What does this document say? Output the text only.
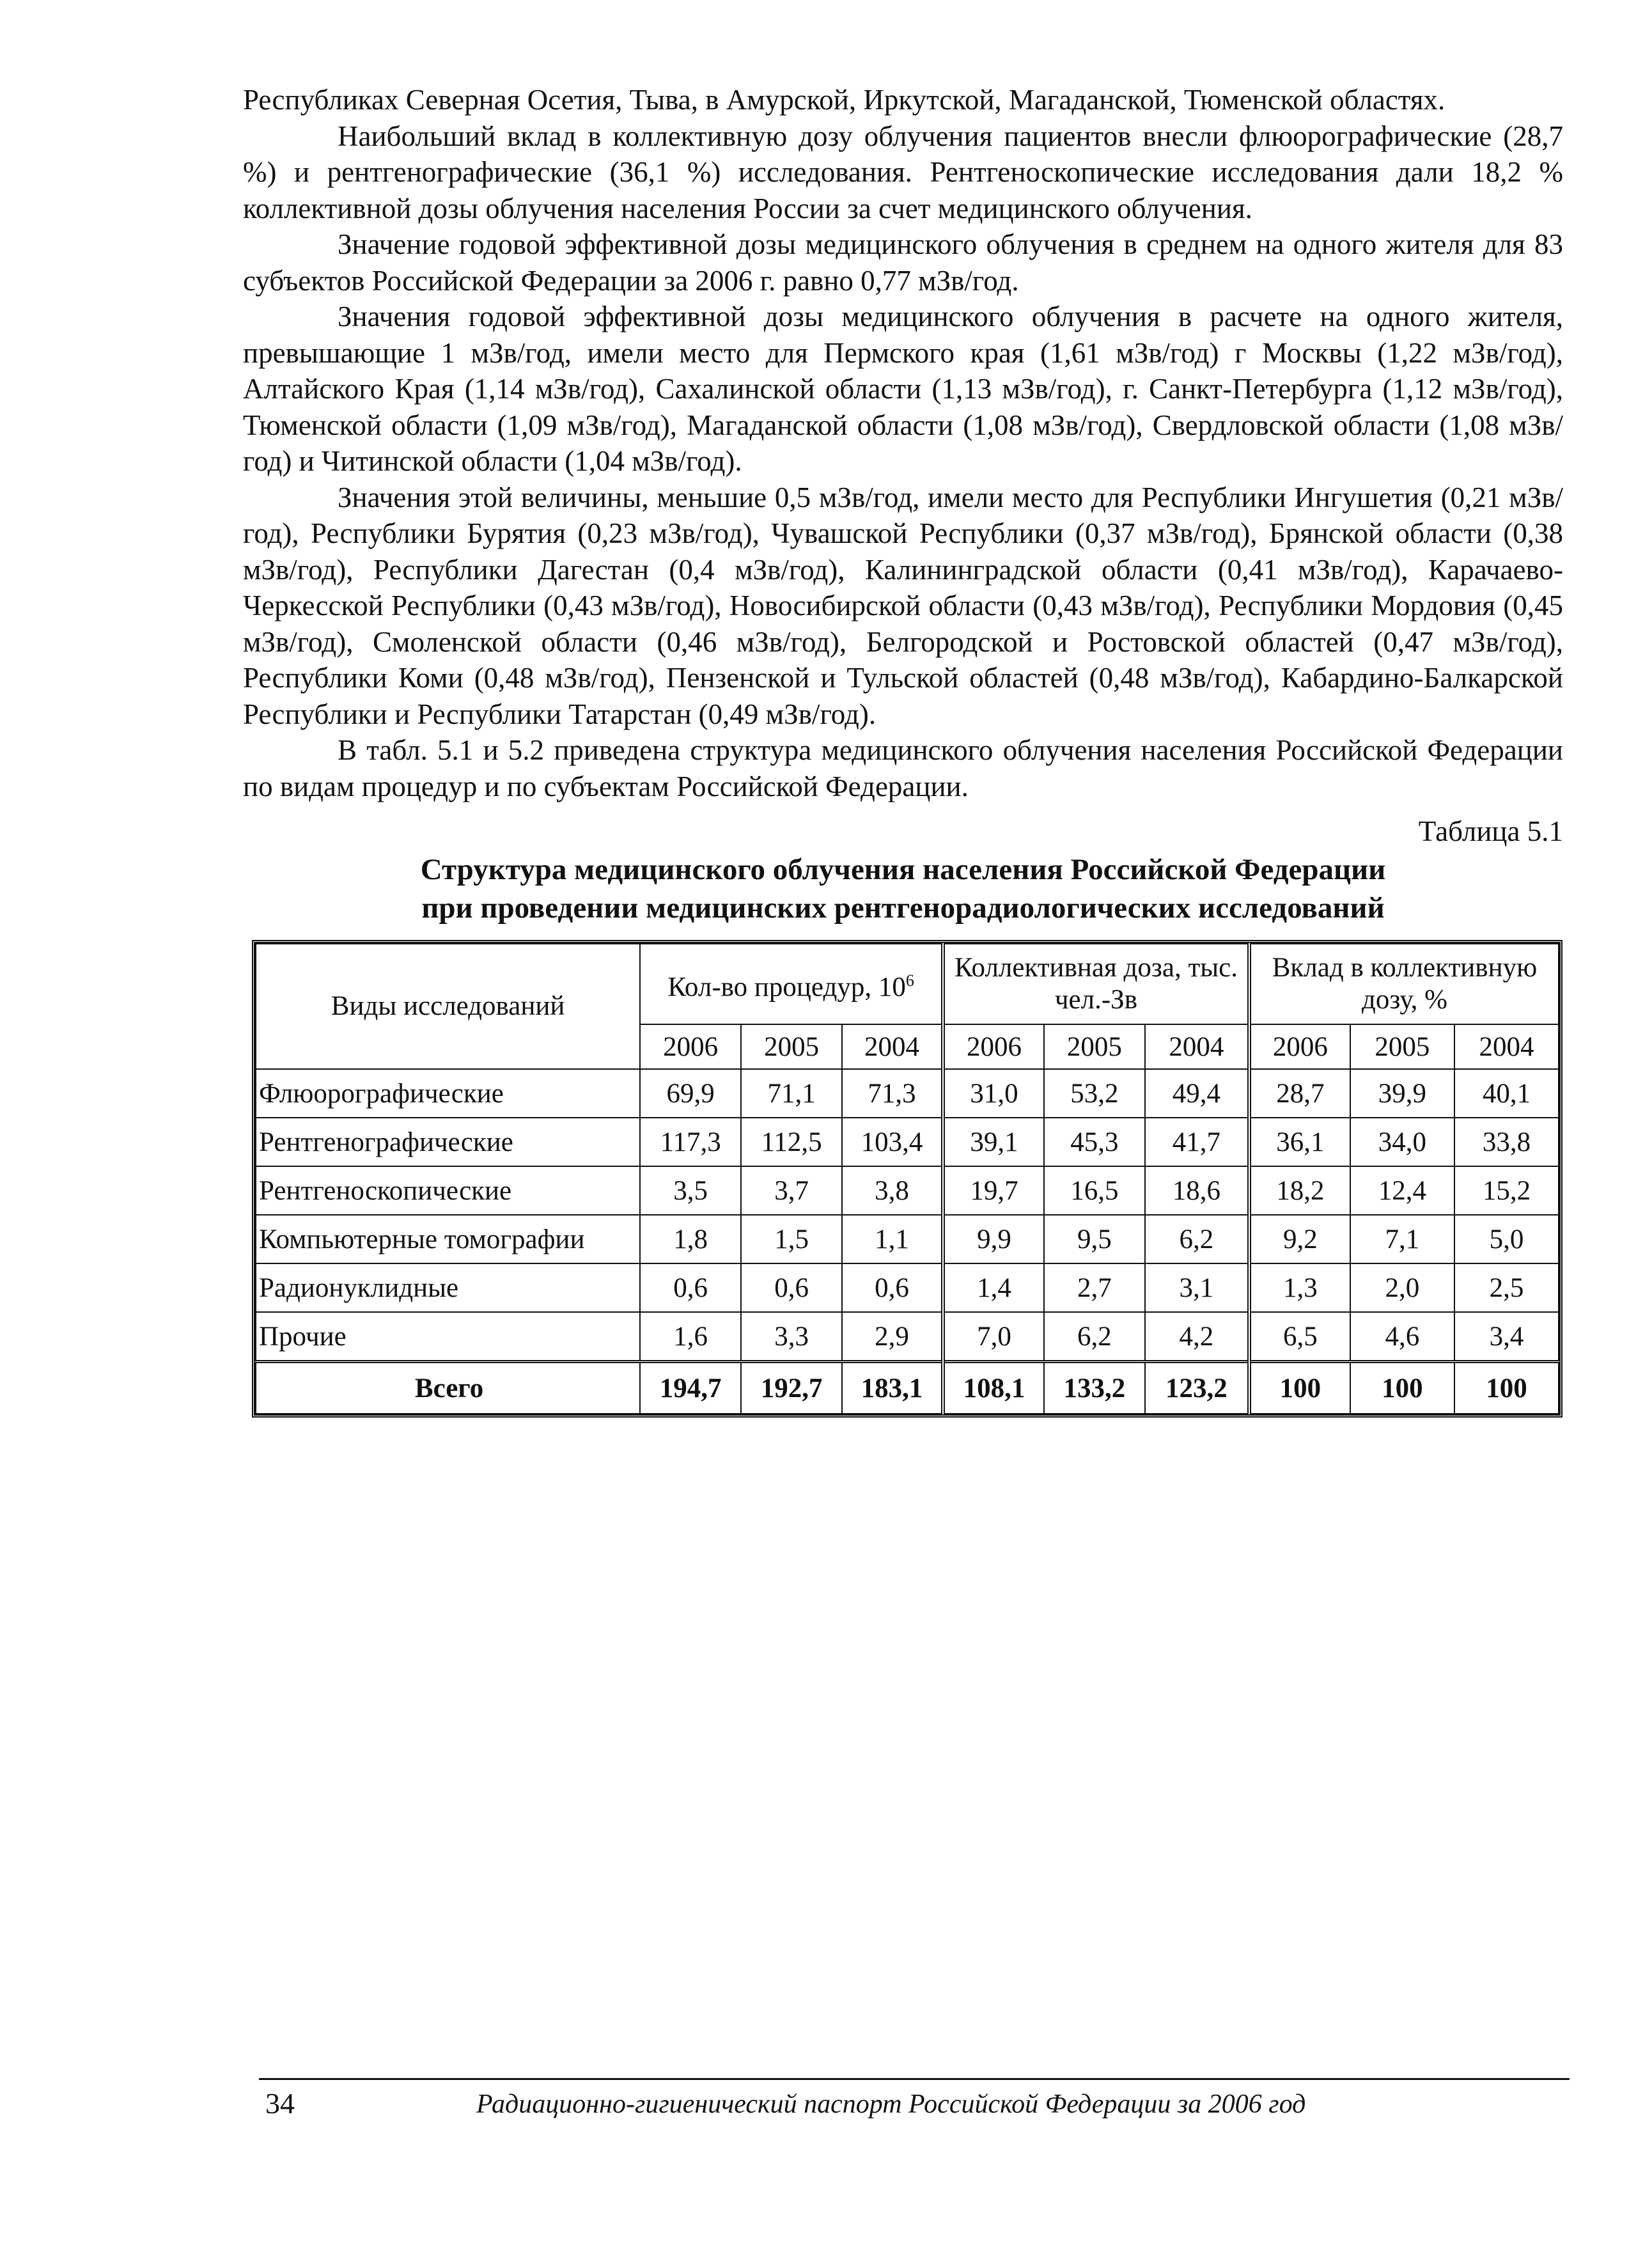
Республиках Северная Осетия, Тыва, в Амурской, Иркутской, Магаданской, Тюменской областях.

Наибольший вклад в коллективную дозу облучения пациентов внесли флюорографические (28,7 %) и рентгенографические (36,1 %) исследования. Рентгеноскопические исследования дали 18,2 % коллективной дозы облучения населения России за счет медицинского облучения.

Значение годовой эффективной дозы медицинского облучения в среднем на одного жителя для 83 субъектов Российской Федерации за 2006 г. равно 0,77 мЗв/год.

Значения годовой эффективной дозы медицинского облучения в расчете на одного жителя, превышающие 1 мЗв/год, имели место для Пермского края (1,61 мЗв/год) г Москвы (1,22 мЗв/год), Алтайского Края (1,14 мЗв/год), Сахалинской области (1,13 мЗв/год), г. Санкт-Петербурга (1,12 мЗв/год), Тюменской области (1,09 мЗв/год), Магаданской области (1,08 мЗв/год), Свердловской области (1,08 мЗв/год) и Читинской области (1,04 мЗв/год).

Значения этой величины, меньшие 0,5 мЗв/год, имели место для Республики Ингушетия (0,21 мЗв/год), Республики Бурятия (0,23 мЗв/год), Чувашской Республики (0,37 мЗв/год), Брянской области (0,38 мЗв/год), Республики Дагестан (0,4 мЗв/год), Калининградской области (0,41 мЗв/год), Карачаево-Черкесской Республики (0,43 мЗв/год), Новосибирской области (0,43 мЗв/год), Республики Мордовия (0,45 мЗв/год), Смоленской области (0,46 мЗв/год), Белгородской и Ростовской областей (0,47 мЗв/год), Республики Коми (0,48 мЗв/год), Пензенской и Тульской областей (0,48 мЗв/год), Кабардино-Балкарской Республики и Республики Татарстан (0,49 мЗв/год).

В табл. 5.1 и 5.2 приведена структура медицинского облучения населения Российской Федерации по видам процедур и по субъектам Российской Федерации.

Таблица 5.1
Структура медицинского облучения населения Российской Федерации
при проведении медицинских рентгенорадиологических исследований
Виды исследований	Кол-во процедур, $10^6$			Коллективная доза, тыс. чел.-Зв			Вклад в коллективную дозу, %		
	2006	2005	2004	2006	2005	2004	2006	2005	2004
Флюорографические	69,9	71,1	71,3	31,0	53,2	49,4	28,7	39,9	40,1
Рентгенографические	117,3	112,5	103,4	39,1	45,3	41,7	36,1	34,0	33,8
Рентгеноскопические	3,5	3,7	3,8	19,7	16,5	18,6	18,2	12,4	15,2
Компьютерные томографии	1,8	1,5	1,1	9,9	9,5	6,2	9,2	7,1	5,0
Радионуклидные	0,6	0,6	0,6	1,4	2,7	3,1	1,3	2,0	2,5
Прочие	1,6	3,3	2,9	7,0	6,2	4,2	6,5	4,6	3,4
Всего	194,7	192,7	183,1	108,1	133,2	123,2	100	100	100
34	Радиационно-гигиенический паспорт Российской Федерации за 2006 год
